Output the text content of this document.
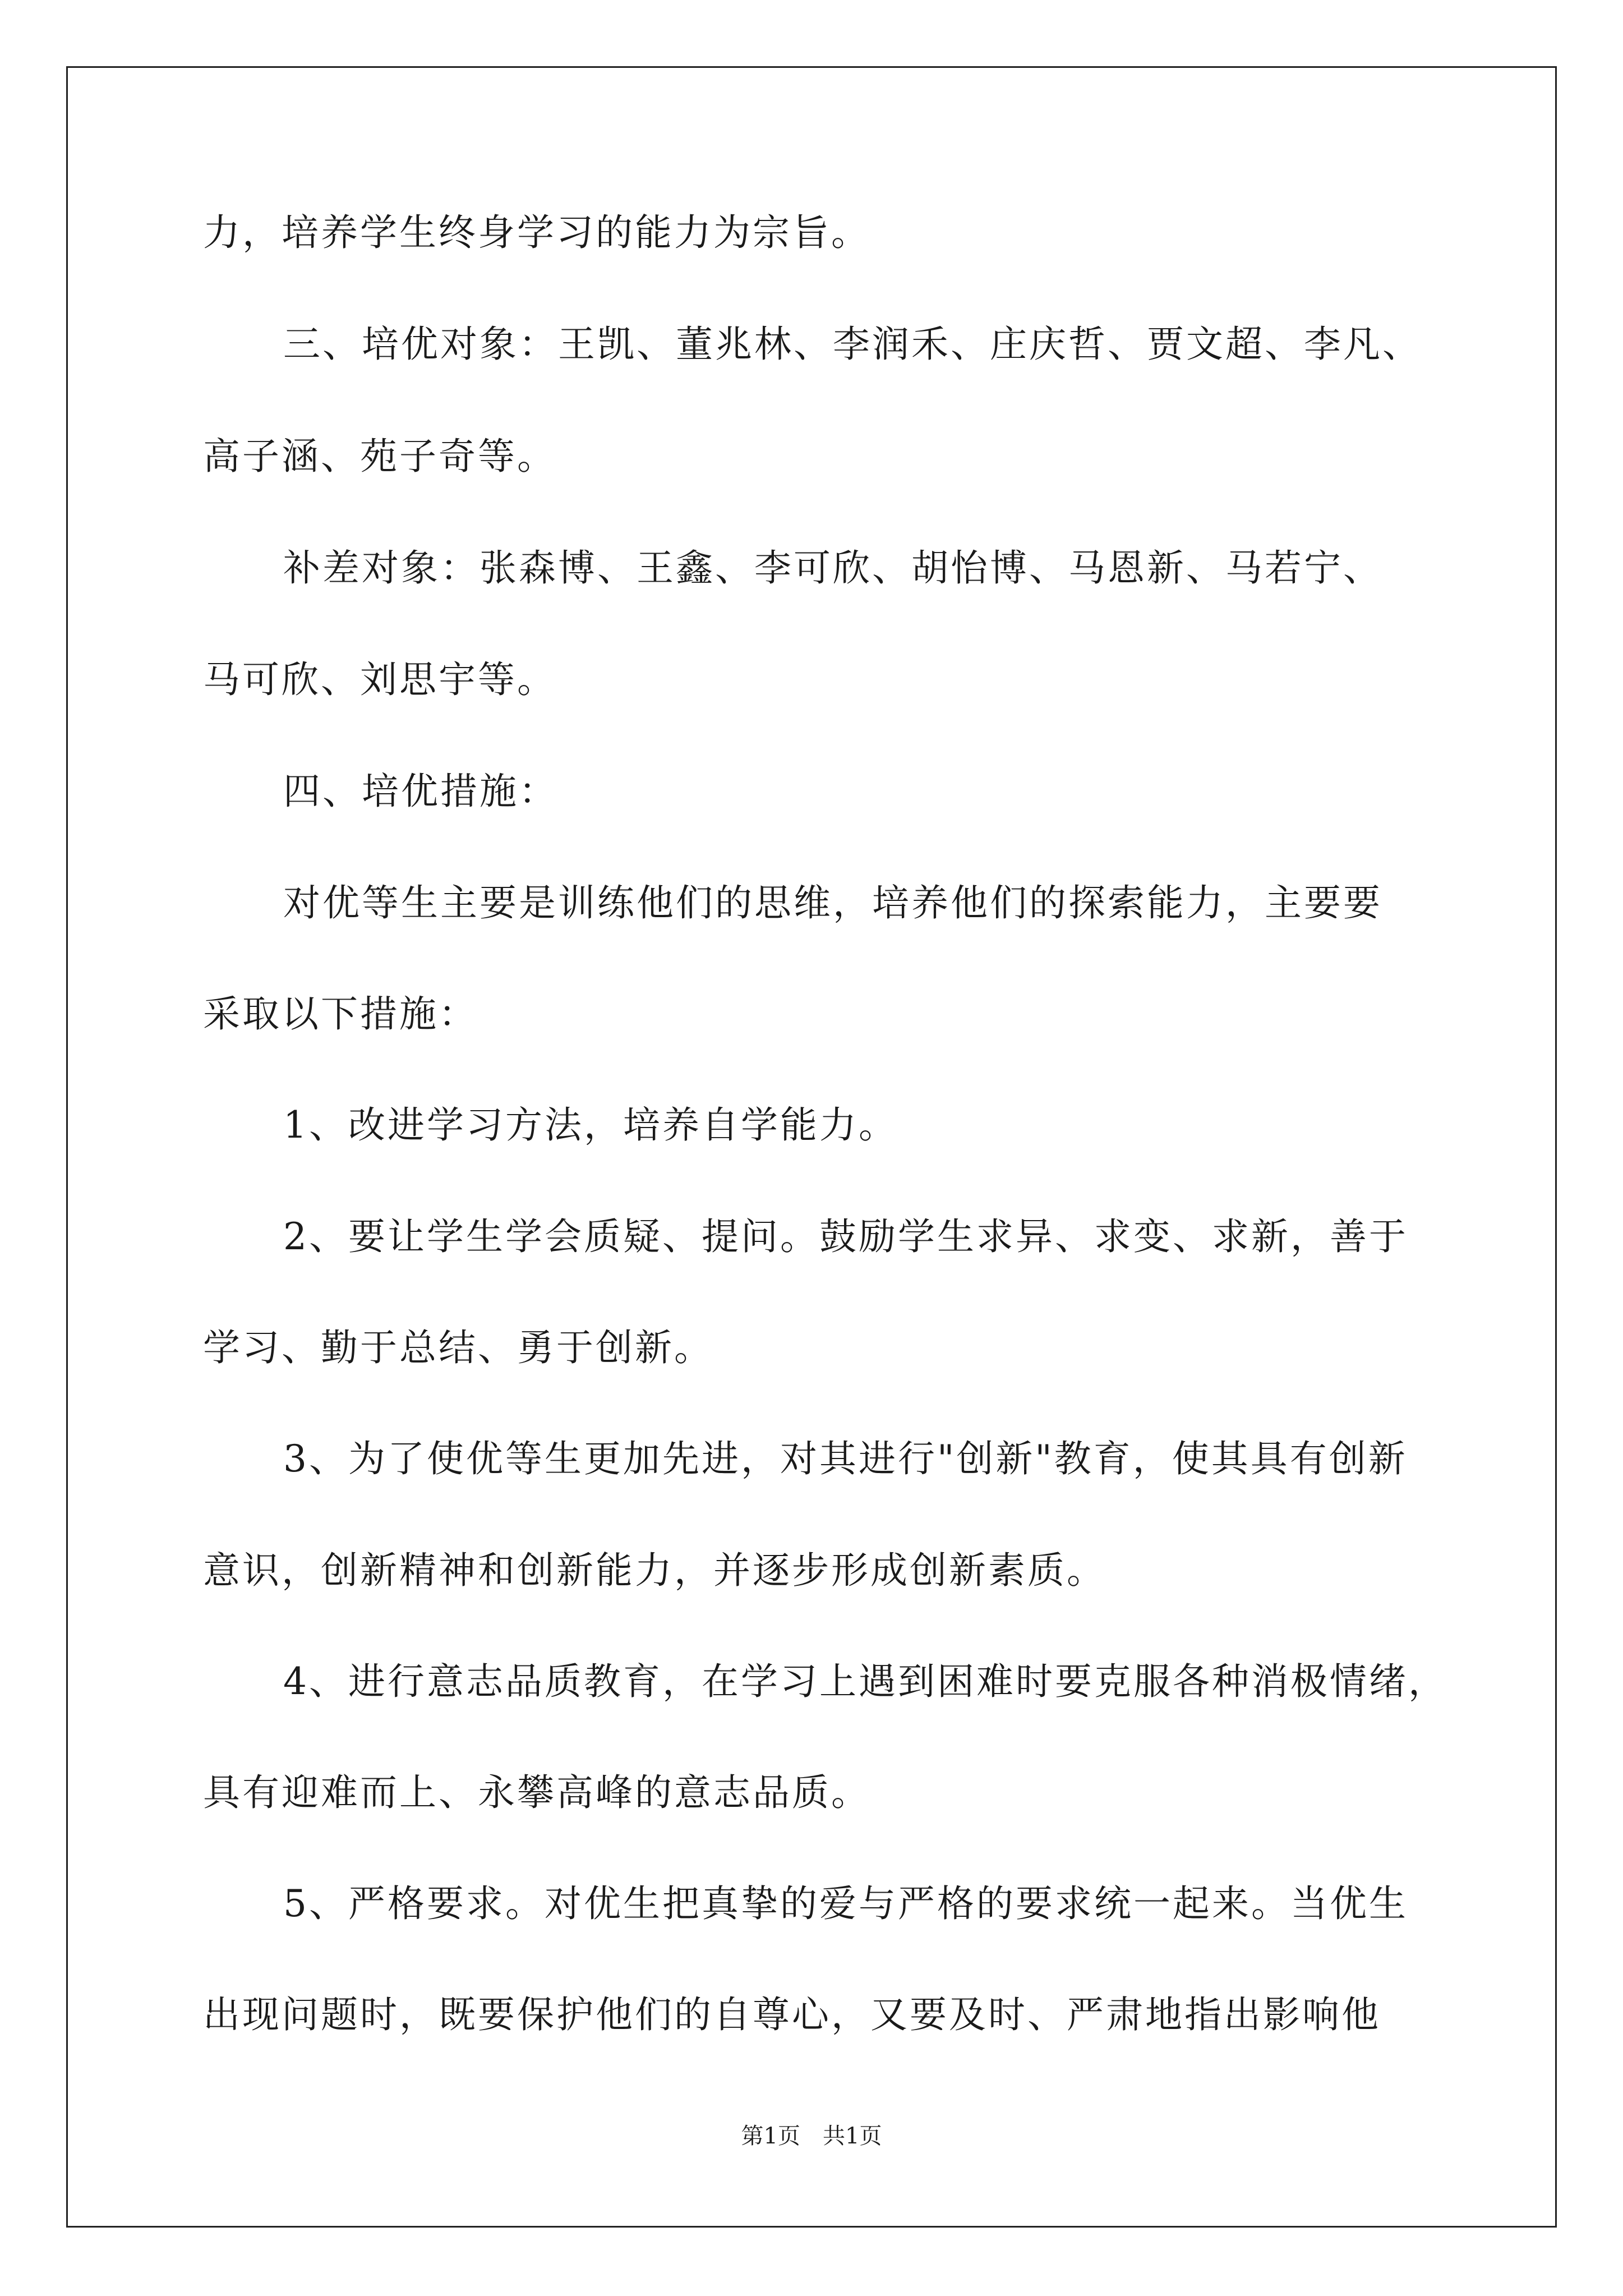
力，培养学生终身学习的能力为宗旨。
三、培优对象：王凯、董兆林、李润禾、庄庆哲、贾文超、李凡、
高子涵、苑子奇等。
补差对象：张森博、王鑫、李可欣、胡怡博、马恩新、马若宁、
马可欣、刘思宇等。
四、培优措施：
对优等生主要是训练他们的思维，培养他们的探索能力，主要要
采取以下措施：
1、改进学习方法，培养自学能力。
2、要让学生学会质疑、提问。鼓励学生求异、求变、求新，善于
学习、勤于总结、勇于创新。
3、为了使优等生更加先进，对其进行"创新"教育，使其具有创新
意识，创新精神和创新能力，并逐步形成创新素质。
4、进行意志品质教育，在学习上遇到困难时要克服各种消极情绪，
具有迎难而上、永攀高峰的意志品质。
5、严格要求。对优生把真挚的爱与严格的要求统一起来。当优生
出现问题时，既要保护他们的自尊心，又要及时、严肃地指出影响他
第1页　共1页
